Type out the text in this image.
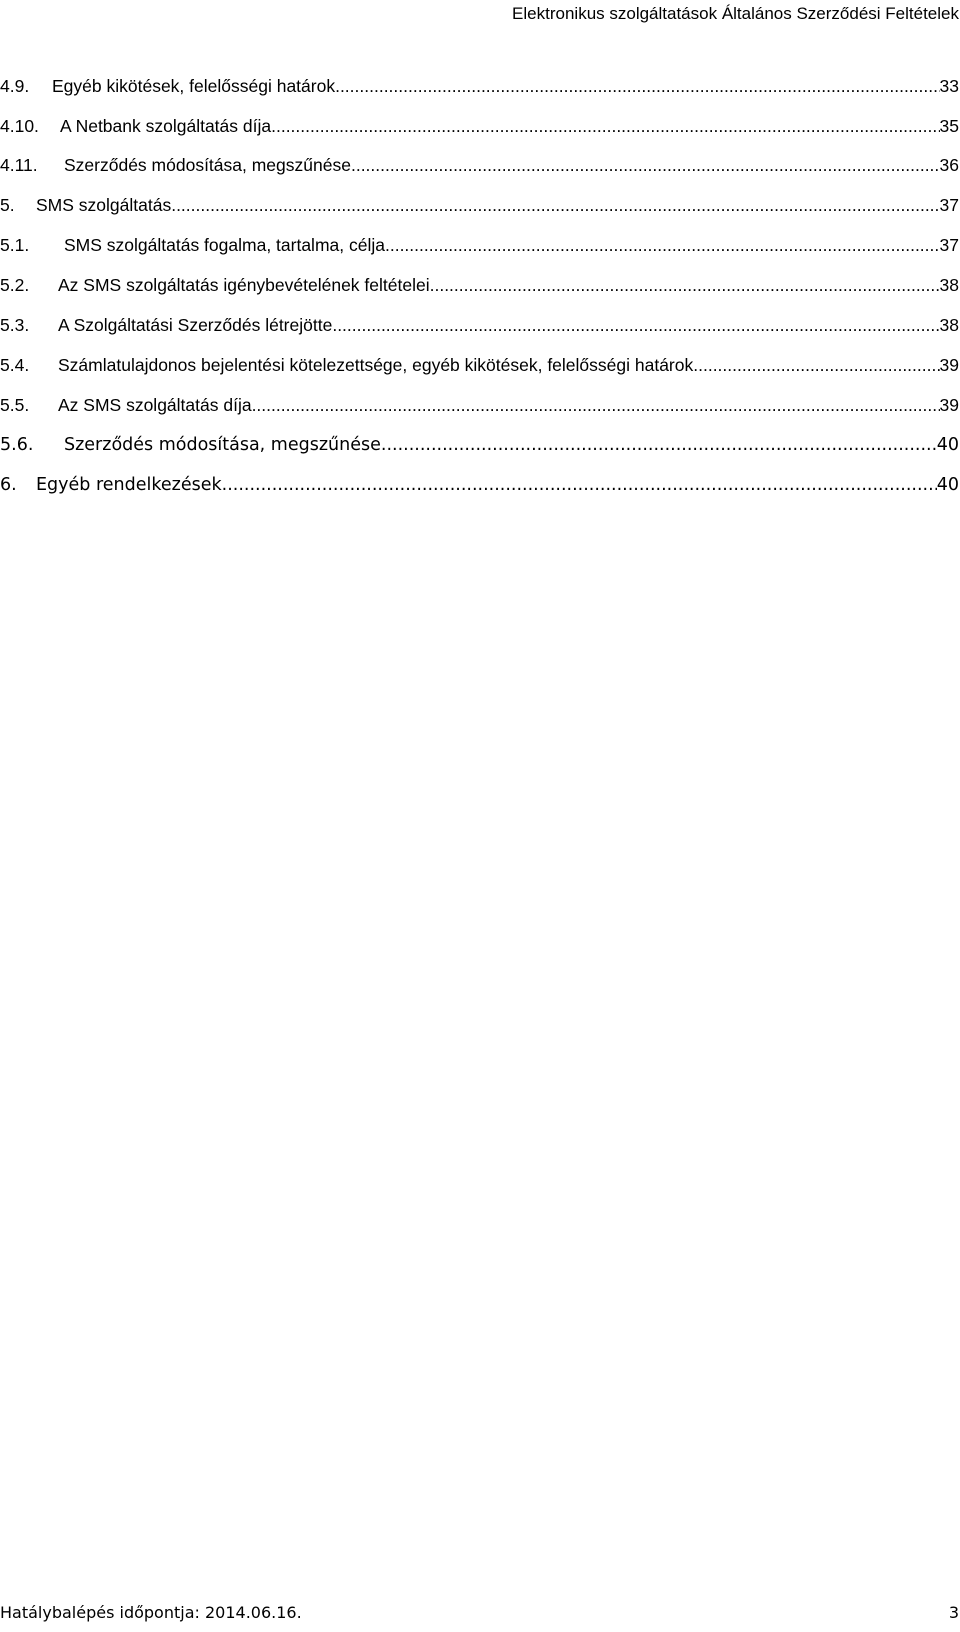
Elektronikus szolgáltatások Általános Szerződési Feltételek
4.9.	Egyéb kikötések, felelősségi határok .....	33
4.10.	A Netbank szolgáltatás díja .....	35
4.11.	Szerződés módosítása, megszűnése .....	36
5.	SMS szolgáltatás .....	37
5.1.	SMS szolgáltatás fogalma, tartalma, célja .....	37
5.2.	Az SMS szolgáltatás igénybevételének feltételei .....	38
5.3.	A Szolgáltatási Szerződés létrejötte .....	38
5.4.	Számlatulajdonos bejelentési kötelezettsége, egyéb kikötések, felelősségi határok .....	39
5.5.	Az SMS szolgáltatás díja .....	39
5.6.	Szerződés módosítása, megszűnése .....	40
6.	Egyéb rendelkezések .....	40
Hatálybalépés időpontja: 2014.06.16.	3
